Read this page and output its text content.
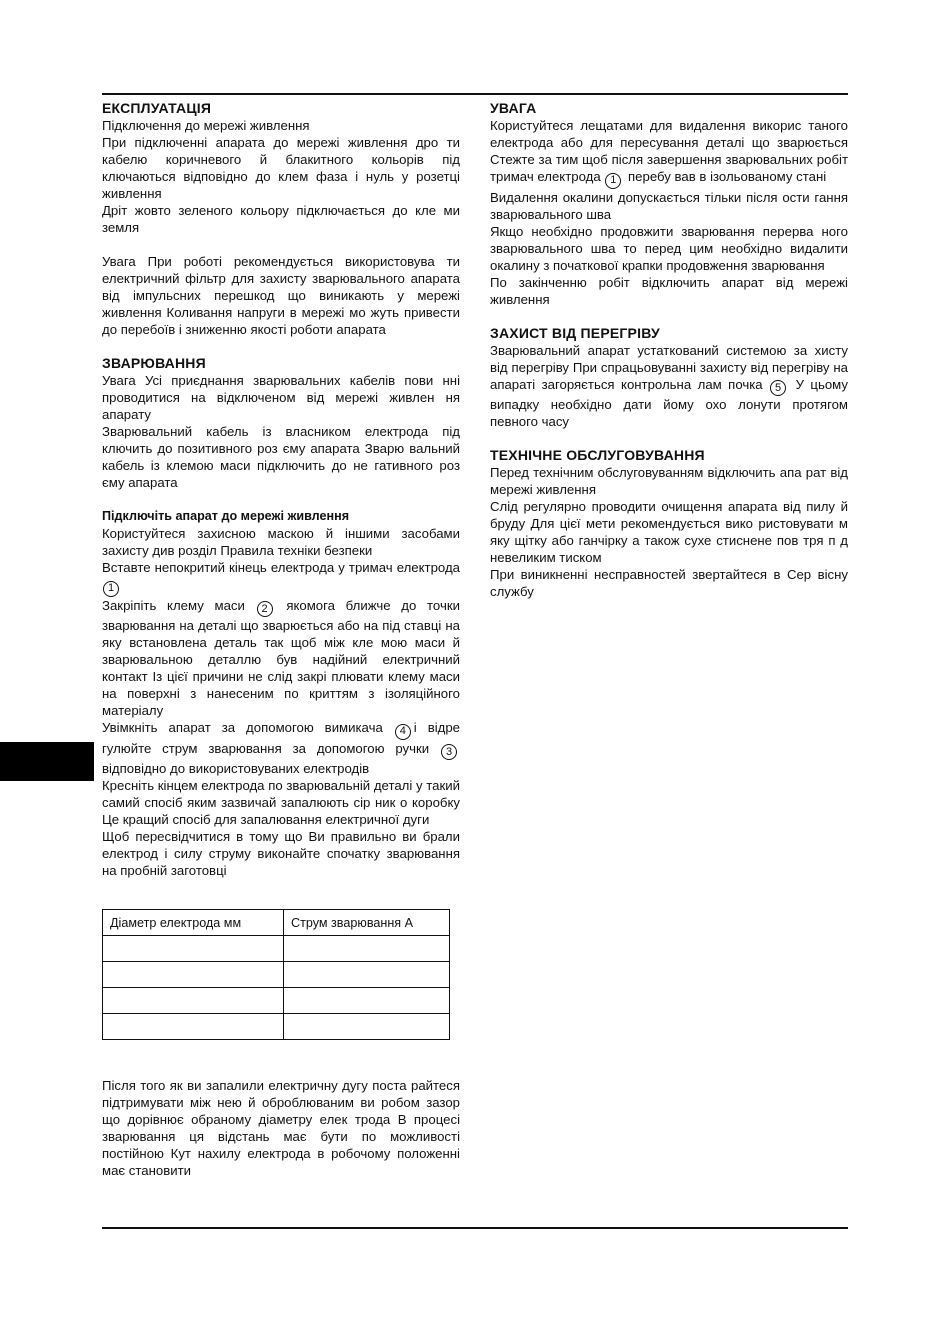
ЕКСПЛУАТАЦІЯ

Підключення до мережі живлення

При підключенні апарата до мережі живлення дро ти кабелю коричневого й блакитного кольорів під ключаються відповідно до клем фаза і нуль у розетці живлення

Дріт жовто зеленого кольору підключається до кле ми земля

Увага При роботі рекомендується використовува ти електричний фільтр для захисту зварювального апарата від імпульсних перешкод що виникають у мережі живлення Коливання напруги в мережі мо жуть привести до перебоїв і зниженню якості роботи апарата

ЗВАРЮВАННЯ

Увага Усі приєднання зварювальних кабелів пови нні проводитися на відключеном від мережі живлен ня апарату

Зварювальний кабель із власником електрода під ключить до позитивного роз єму апарата Зварю вальний кабель із клемою маси підключить до не гативного роз єму апарата

Підключіть апарат до мережі живлення

Користуйтеся захисною маскою й іншими засобами захисту див розділ Правила техніки безпеки

Вставте непокритий кінець електрода у тримач електрода 1

Закріпіть клему маси 2 якомога ближче до точки зварювання на деталі що зварюється або на під ставці на яку встановлена деталь так щоб між кле мою маси й зварювальною деталлю був надійний електричний контакт Із цієї причини не слід закрі плювати клему маси на поверхні з нанесеним по криттям з ізоляційного матеріалу

Увімкніть апарат за допомогою вимикача 4 і відре гулюйте струм зварювання за допомогою ручки 3 відповідно до використовуваних електродів

Кресніть кінцем електрода по зварювальній деталі у такий самий спосіб яким зазвичай запалюють сір ник о коробку Це кращий спосіб для запалювання електричної дуги

Щоб пересвідчитися в тому що Ви правильно ви брали електрод і силу струму виконайте спочатку зварювання на пробній заготовці

Діаметр електрода мм	Струм зварювання А

Після того як ви запалили електричну дугу поста райтеся підтримувати між нею й оброблюваним ви робом зазор що дорівнює обраному діаметру елек трода В процесі зварювання ця відстань має бути по можливості постійною Кут нахилу електрода в робочому положенні має становити

УВАГА

Користуйтеся лещатами для видалення викорис таного електрода або для пересування деталі що зварюється Стежте за тим щоб після завершення зварювальних робіт тримач електрода 1 перебу вав в ізольованому стані

Видалення окалини допускається тільки після ости гання зварювального шва

Якщо необхідно продовжити зварювання перерва ного зварювального шва то перед цим необхідно видалити окалину з початкової крапки продовження зварювання

По закінченню робіт відключить апарат від мережі живлення

ЗАХИСТ ВІД ПЕРЕГРІВУ

Зварювальний апарат устаткований системою за хисту від перегріву При спрацьовуванні захисту від перегріву на апараті загоряється контрольна лам почка 5 У цьому випадку необхідно дати йому охо лонути протягом певного часу

ТЕХНІЧНЕ ОБСЛУГОВУВАННЯ

Перед технічним обслуговуванням відключить апа рат від мережі живлення

Слід регулярно проводити очищення апарата від пилу й бруду Для цієї мети рекомендується вико ристовувати м яку щітку або ганчірку а також сухе стиснене пов тря п д невеликим тиском

При виникненні несправностей звертайтеся в Сер вісну службу
